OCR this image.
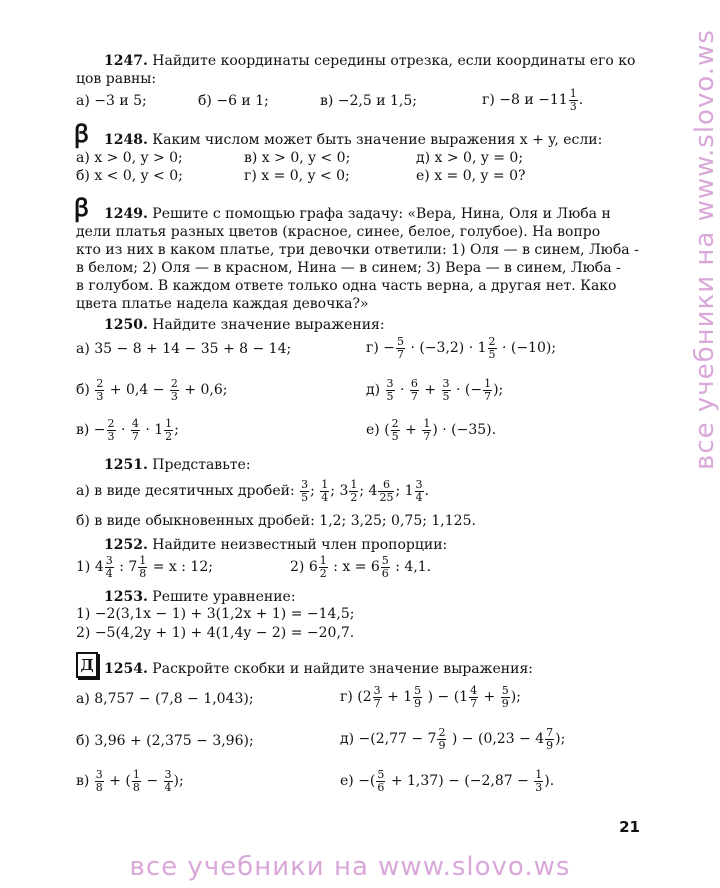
1247. Найдите координаты середины отрезка, если координаты его ко
цов равны:
а) −3 и 5;	б) −6 и 1;	в) −2,5 и 1,5;	г) −8 $и -11 \frac{1}{3}$ .
ꞵ 1248. Каким числом может быть значение выражения x + y, если:
а) x > 0, y > 0;	в) x > 0, y < 0;	д) x > 0, y = 0;
б) x < 0, y < 0;	г) x = 0, y < 0;	е) x = 0, y = 0?
ꞵ 1249. Решите с помощью графа задачу: «Вера, Нина, Оля и Люба н
дели платья разных цветов (красное, синее, белое, голубое). На вопро
кто из них в каком платье, три девочки ответили: 1) Оля — в синем, Люба -
в белом; 2) Оля — в красном, Нина — в синем; 3) Вера — в синем, Люба -
в голубом. В каждом ответе только одна часть верна, а другая нет. Како
цвета платье надела каждая девочка?»
1250. Найдите значение выражения:
а) 35 − 8 + 14 − 35 + 8 − 14;	$г) - \frac{5}{7} \cdot (-3,2) \cdot 1 \frac{2}{5} \cdot (-10)$;
$б) \frac{2}{3} + 0,4 - \frac{2}{3} + 0,6$;	$д) \frac{3}{5} \cdot \frac{6}{7} + \frac{3}{5}$ · (− $\frac{1}{7}$ );
$в) - \frac{2}{3} \cdot \frac{4}{7} \cdot 1 \frac{1}{2}$ ;	е) ( $\frac{2}{5} + \frac{1}{7}$ ) · (−35).
1251. Представьте:
а) в виде десятичных дробей: $\frac{3}{5}$ ; $\frac{1}{4}$ ; $3 \frac{1}{2}$ ; $4 \frac{6}{25}$ ; $1 \frac{3}{4}$ .
б) в виде обыкновенных дробей: 1,2; 3,25; 0,75; 1,125.
1252. Найдите неизвестный член пропорции:
1) $4 \frac{3}{4}$ : $7 \frac{1}{8} = x$ : 12;	2) $6 \frac{1}{2}$ : $x = 6 \frac{5}{6}$ : 4,1.
1253. Решите уравнение:
1) −2(3,1x − 1) + 3(1,2x + 1) = −14,5;
2) −5(4,2y + 1) + 4(1,4y − 2) = −20,7.
Д 1254. Раскройте скобки и найдите значение выражения:
а) 8,757 − (7,8 − 1,043);	г) ($2 \frac{3}{7} + 1 \frac{5}{9}$ ) − ($1 \frac{4}{7} + \frac{5}{9}$ );
б) 3,96 + (2,375 − 3,96);	$д) -(2,77 - 7 \frac{2}{9}$ ) − ($0,23 - 4 \frac{7}{9}$ );
$в) \frac{3}{8}$ + ( $\frac{1}{8} - \frac{3}{4}$ );	е) −( $\frac{5}{6} + 1,37) - (-2,87 - \frac{1}{3}$ ).
21
все учебники на www.slovo.ws
все учебники на www.slovo.ws
